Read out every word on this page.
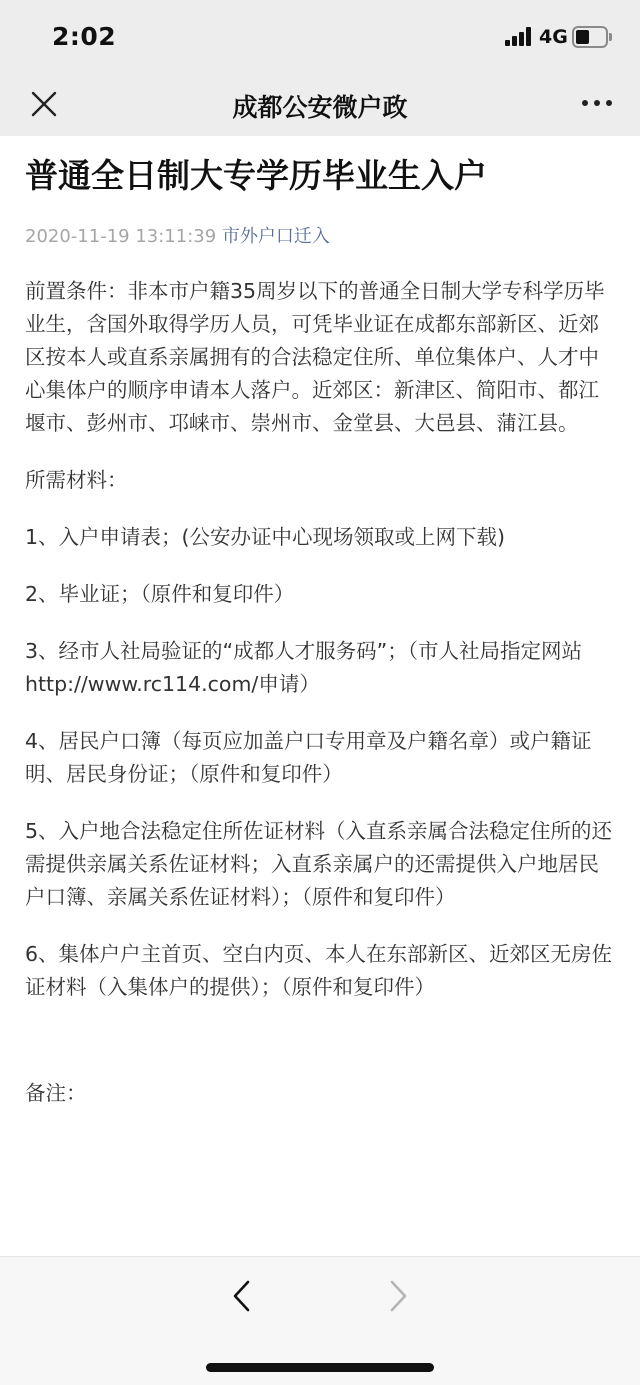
2:02	4G
成都公安微户政
普通全日制大专学历毕业生入户
2020-11-19 13:11:39 市外户口迁入

前置条件：非本市户籍35周岁以下的普通全日制大学专科学历毕业生，含国外取得学历人员，可凭毕业证在成都东部新区、近郊区按本人或直系亲属拥有的合法稳定住所、单位集体户、人才中心集体户的顺序申请本人落户。近郊区：新津区、简阳市、都江堰市、彭州市、邛崃市、崇州市、金堂县、大邑县、蒲江县。

所需材料：

1、入户申请表；(公安办证中心现场领取或上网下载)

2、毕业证；（原件和复印件）

3、经市人社局验证的“成都人才服务码”；（市人社局指定网站http://www.rc114.com/申请）

4、居民户口簿（每页应加盖户口专用章及户籍名章）或户籍证明、居民身份证；（原件和复印件）

5、入户地合法稳定住所佐证材料（入直系亲属合法稳定住所的还需提供亲属关系佐证材料；入直系亲属户的还需提供入户地居民户口簿、亲属关系佐证材料）；（原件和复印件）

6、集体户户主首页、空白内页、本人在东部新区、近郊区无房佐证材料（入集体户的提供）；（原件和复印件）

备注：
